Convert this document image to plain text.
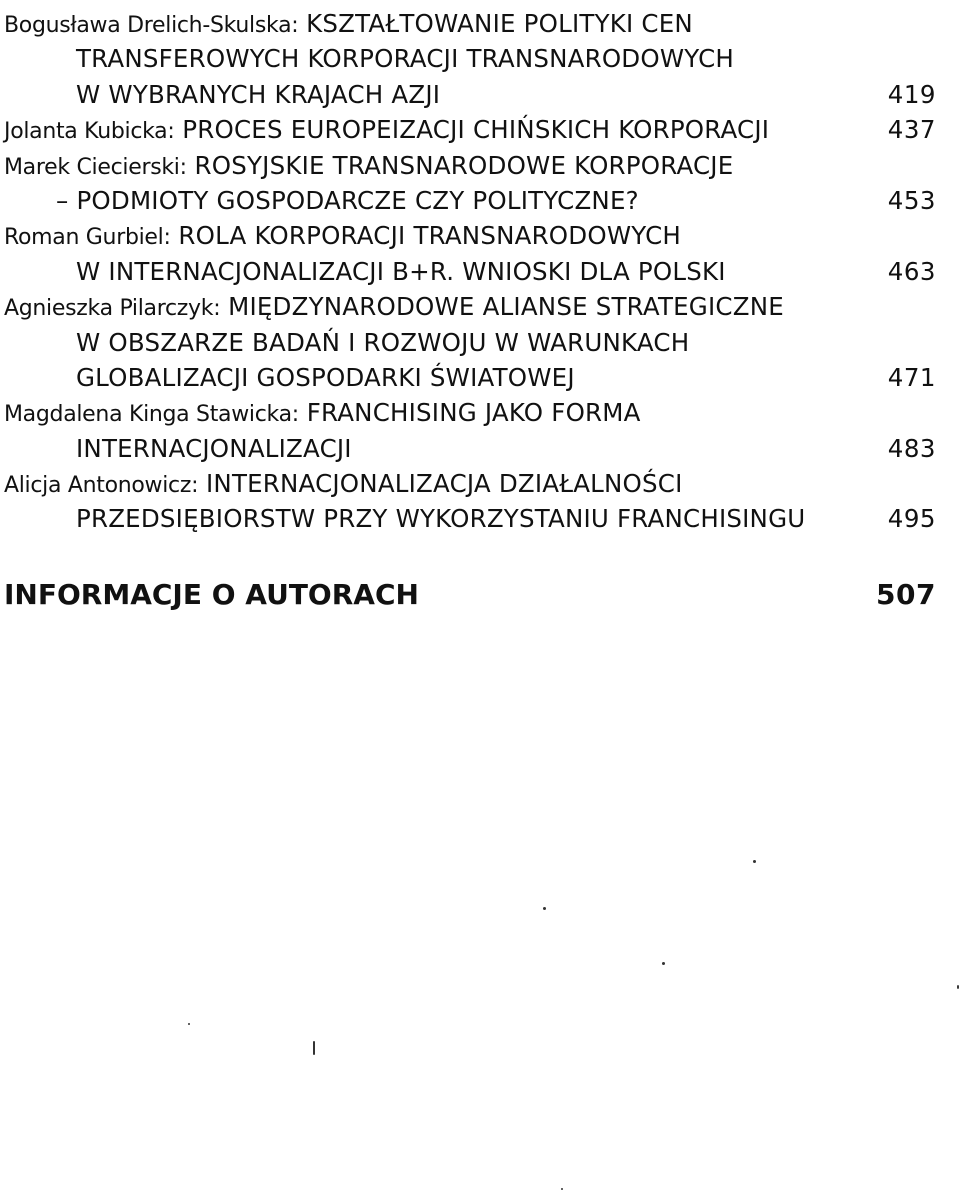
Bogusława Drelich-Skulska: KSZTAŁTOWANIE POLITYKI CEN
TRANSFEROWYCH KORPORACJI TRANSNARODOWYCH
W WYBRANYCH KRAJACH AZJI	419
Jolanta Kubicka: PROCES EUROPEIZACJI CHIŃSKICH KORPORACJI	437
Marek Ciecierski: ROSYJSKIE TRANSNARODOWE KORPORACJE
– PODMIOTY GOSPODARCZE CZY POLITYCZNE?	453
Roman Gurbiel: ROLA KORPORACJI TRANSNARODOWYCH
W INTERNACJONALIZACJI B+R. WNIOSKI DLA POLSKI	463
Agnieszka Pilarczyk: MIĘDZYNARODOWE ALIANSE STRATEGICZNE
W OBSZARZE BADAŃ I ROZWOJU W WARUNKACH
GLOBALIZACJI GOSPODARKI ŚWIATOWEJ	471
Magdalena Kinga Stawicka: FRANCHISING JAKO FORMA
INTERNACJONALIZACJI	483
Alicja Antonowicz: INTERNACJONALIZACJA DZIAŁALNOŚCI
PRZEDSIĘBIORSTW PRZY WYKORZYSTANIU FRANCHISINGU	495
INFORMACJE O AUTORACH	507
